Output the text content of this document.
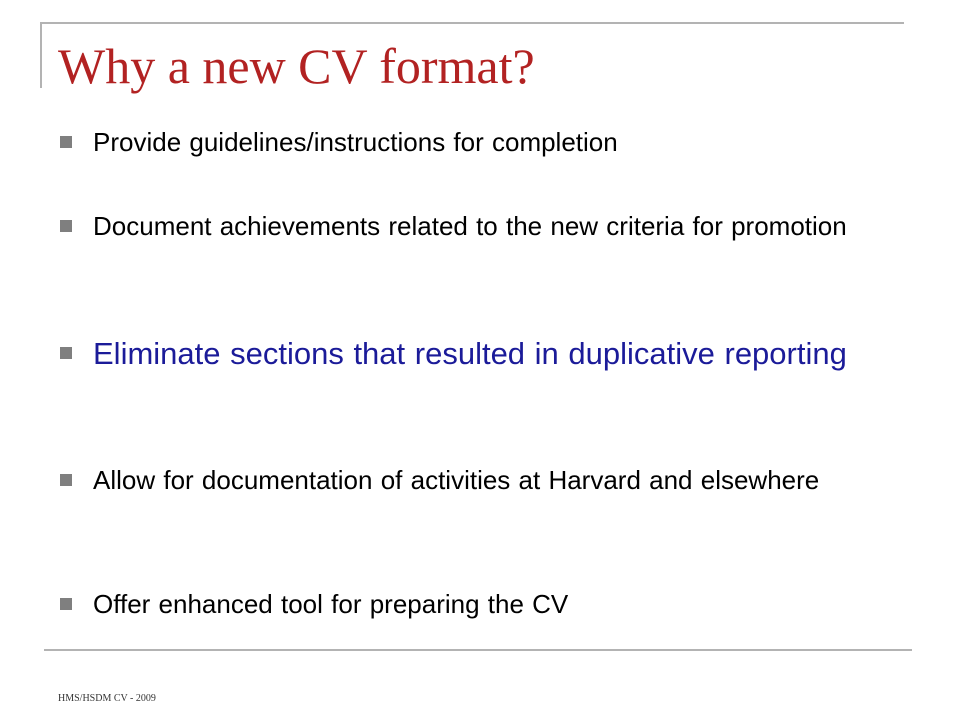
Why a new CV format?
Provide guidelines/instructions for completion
Document achievements related to the new criteria for promotion
Eliminate sections that resulted in duplicative reporting
Allow for documentation of activities at Harvard and elsewhere
Offer enhanced tool for preparing the CV
HMS/HSDM CV - 2009
